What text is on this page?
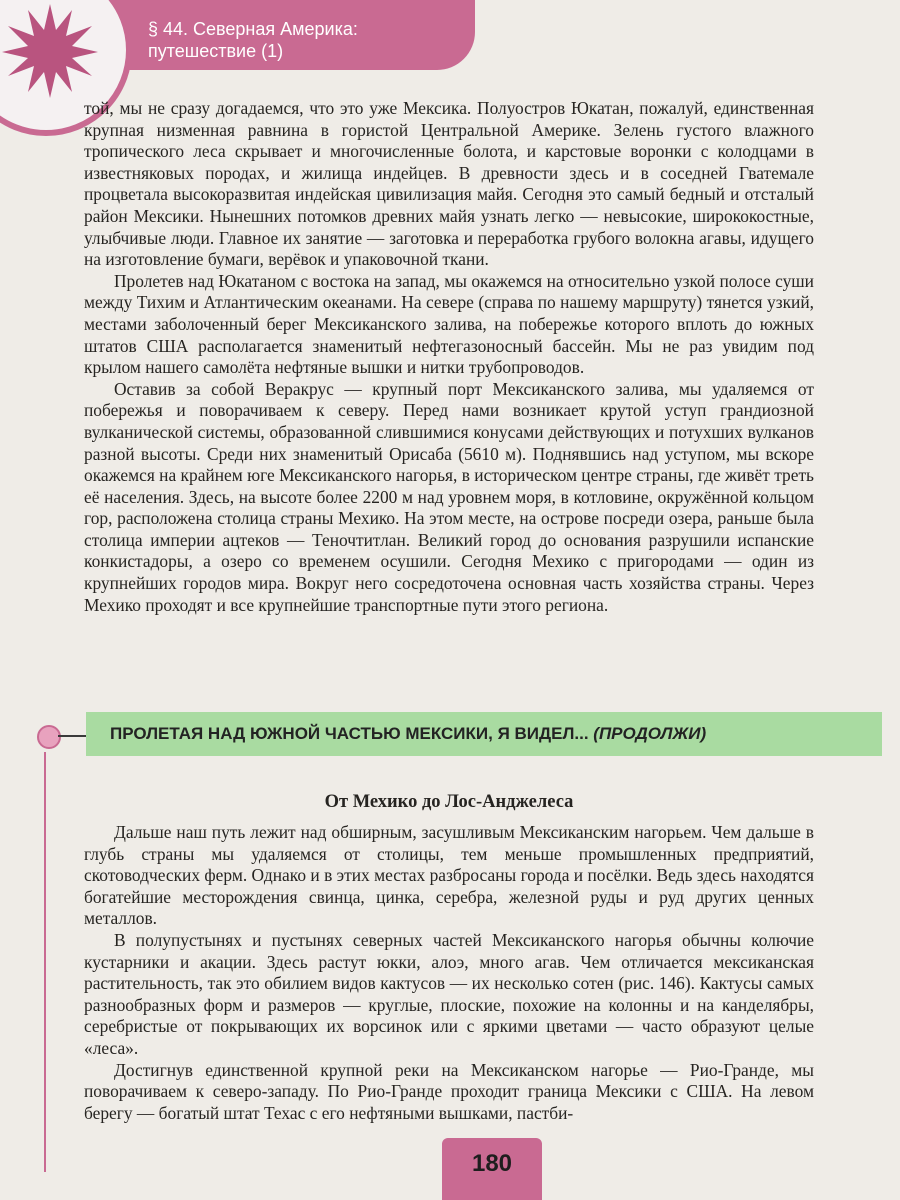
§ 44. Северная Америка: путешествие (1)

той, мы не сразу догадаемся, что это уже Мексика. Полуостров Юкатан, пожалуй, единственная крупная низменная равнина в гористой Центральной Америке. Зелень густого влажного тропического леса скрывает и многочисленные болота, и карстовые воронки с колодцами в известняковых породах, и жилища индейцев. В древности здесь и в соседней Гватемале процветала высокоразвитая индейская цивилизация майя. Сегодня это самый бедный и отсталый район Мексики. Нынешних потомков древних майя узнать легко — невысокие, ширококостные, улыбчивые люди. Главное их занятие — заготовка и переработка грубого волокна агавы, идущего на изготовление бумаги, верёвок и упаковочной ткани.

Пролетев над Юкатаном с востока на запад, мы окажемся на относительно узкой полосе суши между Тихим и Атлантическим океанами. На севере (справа по нашему маршруту) тянется узкий, местами заболоченный берег Мексиканского залива, на побережье которого вплоть до южных штатов США располагается знаменитый нефтегазоносный бассейн. Мы не раз увидим под крылом нашего самолёта нефтяные вышки и нитки трубопроводов.

Оставив за собой Веракрус — крупный порт Мексиканского залива, мы удаляемся от побережья и поворачиваем к северу. Перед нами возникает крутой уступ грандиозной вулканической системы, образованной слившимися конусами действующих и потухших вулканов разной высоты. Среди них знаменитый Орисаба (5610 м). Поднявшись над уступом, мы вскоре окажемся на крайнем юге Мексиканского нагорья, в историческом центре страны, где живёт треть её населения. Здесь, на высоте более 2200 м над уровнем моря, в котловине, окружённой кольцом гор, расположена столица страны Мехико. На этом месте, на острове посреди озера, раньше была столица империи ацтеков — Теночтитлан. Великий город до основания разрушили испанские конкистадоры, а озеро со временем осушили. Сегодня Мехико с пригородами — один из крупнейших городов мира. Вокруг него сосредоточена основная часть хозяйства страны. Через Мехико проходят и все крупнейшие транспортные пути этого региона.

ПРОЛЕТАЯ НАД ЮЖНОЙ ЧАСТЬЮ МЕКСИКИ, Я ВИДЕЛ... (ПРОДОЛЖИ)
От Мехико до Лос-Анджелеса

Дальше наш путь лежит над обширным, засушливым Мексиканским нагорьем. Чем дальше в глубь страны мы удаляемся от столицы, тем меньше промышленных предприятий, скотоводческих ферм. Однако и в этих местах разбросаны города и посёлки. Ведь здесь находятся богатейшие месторождения свинца, цинка, серебра, железной руды и руд других ценных металлов.

В полупустынях и пустынях северных частей Мексиканского нагорья обычны колючие кустарники и акации. Здесь растут юкки, алоэ, много агав. Чем отличается мексиканская растительность, так это обилием видов кактусов — их несколько сотен (рис. 146). Кактусы самых разнообразных форм и размеров — круглые, плоские, похожие на колонны и на канделябры, серебристые от покрывающих их ворсинок или с яркими цветами — часто образуют целые «леса».

Достигнув единственной крупной реки на Мексиканском нагорье — Рио-Гранде, мы поворачиваем к северо-западу. По Рио-Гранде проходит граница Мексики с США. На левом берегу — богатый штат Техас с его нефтяными вышками, пастби-

180
